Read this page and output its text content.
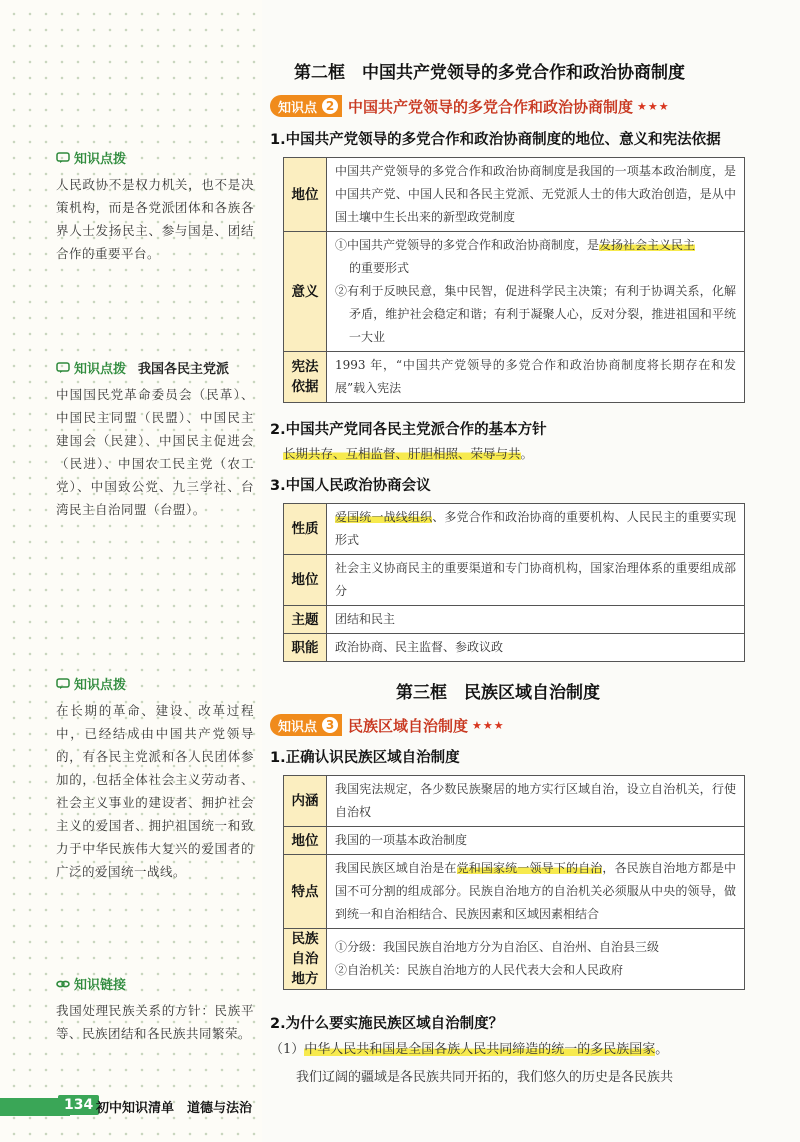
知识点拨
人民政协不是权力机关，也不是决策机构，而是各党派团体和各族各界人士发扬民主、参与国是、团结合作的重要平台。
知识点拨 我国各民主党派
中国国民党革命委员会（民革）、中国民主同盟（民盟）、中国民主建国会（民建）、中国民主促进会（民进）、中国农工民主党（农工党）、中国致公党、九三学社、台湾民主自治同盟（台盟）。
知识点拨
在长期的革命、建设、改革过程中，已经结成由中国共产党领导的，有各民主党派和各人民团体参加的，包括全体社会主义劳动者、社会主义事业的建设者、拥护社会主义的爱国者、拥护祖国统一和致力于中华民族伟大复兴的爱国者的广泛的爱国统一战线。
知识链接
我国处理民族关系的方针：民族平等、民族团结和各民族共同繁荣。
第二框　中国共产党领导的多党合作和政治协商制度
知识点 2 中国共产党领导的多党合作和政治协商制度 ★★★
1.中国共产党领导的多党合作和政治协商制度的地位、意义和宪法依据
地位	中国共产党领导的多党合作和政治协商制度是我国的一项基本政治制度，是中国共产党、中国人民和各民主党派、无党派人士的伟大政治创造，是从中国土壤中生长出来的新型政党制度
意义	①中国共产党领导的多党合作和政治协商制度，是发扬社会主义民主
的重要形式
②有利于反映民意，集中民智，促进科学民主决策；有利于协调关系，化解矛盾，维护社会稳定和谐；有利于凝聚人心，反对分裂，推进祖国和平统一大业

宪法依据	1993 年，“中国共产党领导的多党合作和政治协商制度将长期存在和发展”载入宪法
2.中国共产党同各民主党派合作的基本方针
长期共存、互相监督、肝胆相照、荣辱与共。
3.中国人民政治协商会议
性质	爱国统一战线组织、多党合作和政治协商的重要机构、人民民主的重要实现形式
地位	社会主义协商民主的重要渠道和专门协商机构，国家治理体系的重要组成部分
主题	团结和民主
职能	政治协商、民主监督、参政议政
第三框　民族区域自治制度
知识点 3 民族区域自治制度 ★★★
1.正确认识民族区域自治制度
内涵	我国宪法规定，各少数民族聚居的地方实行区域自治，设立自治机关，行使自治权
地位	我国的一项基本政治制度
特点	我国民族区域自治是在党和国家统一领导下的自治，各民族自治地方都是中国不可分割的组成部分。民族自治地方的自治机关必须服从中央的领导，做到统一和自治相结合、民族因素和区域因素相结合
民族自治地方	①分级：我国民族自治地方分为自治区、自治州、自治县三级
②自治机关：民族自治地方的人民代表大会和人民政府
2.为什么要实施民族区域自治制度？
（1）中华人民共和国是全国各族人民共同缔造的统一的多民族国家。
我们辽阔的疆域是各民族共同开拓的，我们悠久的历史是各民族共
134 初中知识清单　道德与法治
